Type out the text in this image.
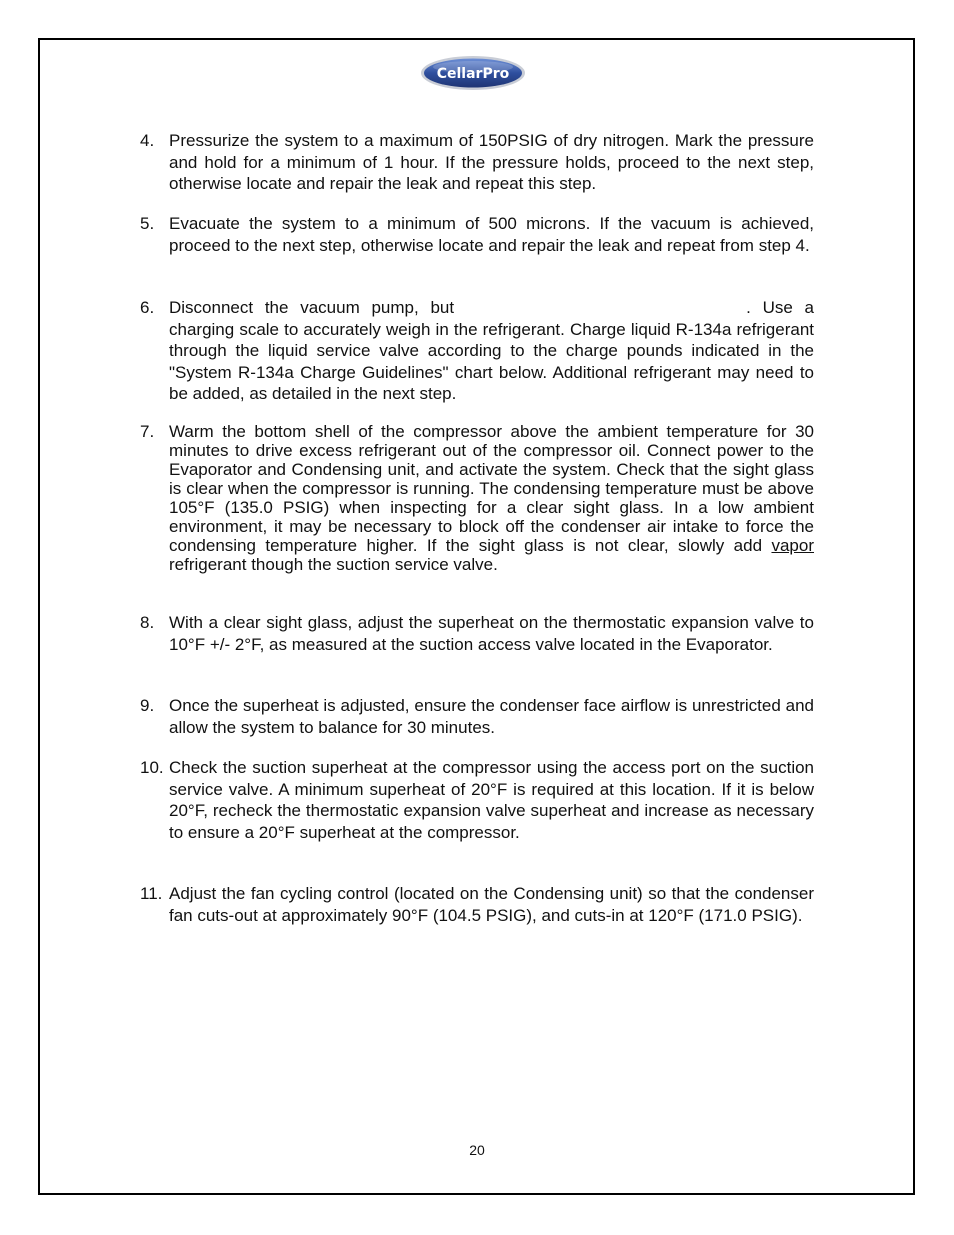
CellarPro
4. Pressurize the system to a maximum of 150PSIG of dry nitrogen. Mark the pressure and hold for a minimum of 1 hour. If the pressure holds, proceed to the next step, otherwise locate and repair the leak and repeat this step.
5. Evacuate the system to a minimum of 500 microns. If the vacuum is achieved, proceed to the next step, otherwise locate and repair the leak and repeat from step 4.
6. Disconnect the vacuum pump, but	. Use a charging scale to accurately weigh in the refrigerant. Charge liquid R-134a refrigerant through the liquid service valve according to the charge pounds indicated in the "System R-134a Charge Guidelines" chart below. Additional refrigerant may need to be added, as detailed in the next step.
7. Warm the bottom shell of the compressor above the ambient temperature for 30 minutes to drive excess refrigerant out of the compressor oil. Connect power to the Evaporator and Condensing unit, and activate the system. Check that the sight glass is clear when the compressor is running. The condensing temperature must be above 105°F (135.0 PSIG) when inspecting for a clear sight glass. In a low ambient environment, it may be necessary to block off the condenser air intake to force the condensing temperature higher. If the sight glass is not clear, slowly add vapor refrigerant though the suction service valve.
8. With a clear sight glass, adjust the superheat on the thermostatic expansion valve to 10°F +/- 2°F, as measured at the suction access valve located in the Evaporator.
9. Once the superheat is adjusted, ensure the condenser face airflow is unrestricted and allow the system to balance for 30 minutes.
10. Check the suction superheat at the compressor using the access port on the suction service valve. A minimum superheat of 20°F is required at this location. If it is below 20°F, recheck the thermostatic expansion valve superheat and increase as necessary to ensure a 20°F superheat at the compressor.
11. Adjust the fan cycling control (located on the Condensing unit) so that the condenser fan cuts-out at approximately 90°F (104.5 PSIG), and cuts-in at 120°F (171.0 PSIG).
20
